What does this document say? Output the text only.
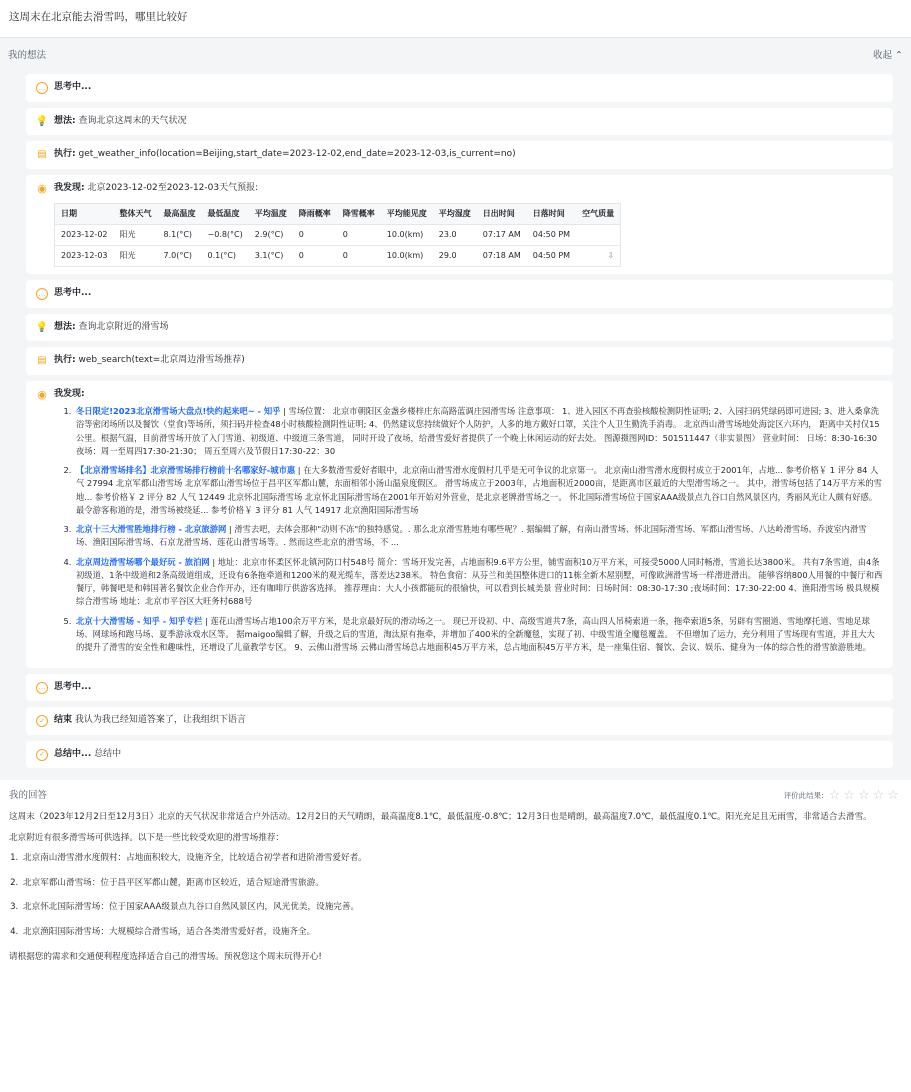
这周末在北京能去滑雪吗，哪里比较好
我的想法	收起 ⌃
… 思考中...
💡 想法: 查询北京这周末的天气状况
▤ 执行: get_weather_info(location=Beijing,start_date=2023-12-02,end_date=2023-12-03,is_current=no)
◉ 我发现: 北京2023-12-02至2023-12-03天气预报:
日期	整体天气	最高温度	最低温度	平均温度	降雨概率	降雪概率	平均能见度	平均湿度	日出时间	日落时间	空气质量
2023-12-02	阳光	8.1(°C)	−0.8(°C)	2.9(°C)	0	0	10.0(km)	23.0	07:17 AM	04:50 PM	
2023-12-03	阳光	7.0(°C)	0.1(°C)	3.1(°C)	0	0	10.0(km)	29.0	07:18 AM	04:50 PM	⇩
… 思考中...
💡 想法: 查询北京附近的滑雪场
▤ 执行: web_search(text=北京周边滑雪场推荐)
◉ 我发现:
1. 冬日限定!2023北京滑雪场大盘点!快约起来吧~ - 知乎 | 雪场位置： 北京市朝阳区金盏乡楼梓庄东高路蓝调庄园滑雪场 注意事项： 1、进入园区不再查验核酸检测阴性证明; 2、入园扫码凭绿码即可进园; 3、进入桑拿洗浴等密闭场所以及餐饮（堂食)等场所，须扫码并检查48小时核酸检测阴性证明; 4、仍然建议您持续做好个人防护，人多的地方戴好口罩，关注个人卫生勤洗手消毒。 北京西山滑雪场地处海淀区六环内， 距离中关村仅15公里。根据气温，目前滑雪场开放了入门雪道、初级道、中级道三条雪道， 同时开设了夜场，给滑雪爱好者提供了一个晚上休闲运动的好去处。 图源摄图网ID：501511447（非实景图） 营业时间： 日场：8:30-16:30 夜场：周一至周四17:30-21:30； 周五至周六及节假日17:30-22：30
2. 【北京滑雪场排名】北京滑雪场排行榜前十名哪家好-城市惠 | 在大多数滑雪爱好者眼中，北京南山滑雪滑水度假村几乎是无可争议的北京第一。 北京南山滑雪滑水度假村成立于2001年，占地... 参考价格￥ 1 评分 84 人气 27994 北京军都山滑雪场 北京军都山滑雪场位于昌平区军都山麓，东面相邻小汤山温泉度假区。 滑雪场成立于2003年，占地面积近2000亩，是距离市区最近的大型滑雪场之一。 其中，滑雪场包括了14万平方米的雪地... 参考价格￥ 2 评分 82 人气 12449 北京怀北国际滑雪场 北京怀北国际滑雪场在2001年开始对外营业，是北京老牌滑雪场之一。 怀北国际滑雪场位于国家AAA级景点九谷口自然风景区内，秀丽风光让人颇有好感。 最令游客称道的是，滑雪场被绕延... 参考价格￥ 3 评分 81 人气 14917 北京渔阳国际滑雪场
3. 北京十三大滑雪胜地排行榜 - 北京旅游网 | 滑雪去吧，去体会那种"动则不冻"的独特感觉。. 那么北京滑雪胜地有哪些呢？. 据编辑了解，有南山滑雪场、怀北国际滑雪场、军都山滑雪场、八达岭滑雪场、乔波室内滑雪场、渔阳国际滑雪场、石京龙滑雪场、莲花山滑雪场等。. 然而这些北京的滑雪场，不 ...
4. 北京周边滑雪场哪个最好玩 - 旅泊网 | 地址：北京市怀柔区怀北镇河防口村548号 简介：雪场开发完善，占地面积9.6平方公里，铺雪面积10万平方米，可接受5000人同时畅滑，雪道长达3800米。 共有7条雪道，由4条初级道、1条中级道和2条高级道组成，还设有6条拖牵道和1200米的观光缆车，落差达238米。 特色食宿：从芬兰和美国整体进口的11栋全新木屋别墅，可像欧洲滑雪场一样滑进滑出。 能够容纳800人用餐的中餐厅和西餐厅，韩餐吧是和韩国著名餐饮企业合作开办，还有咖啡厅供游客选择。 推荐理由：大人小孩都能玩的很愉快，可以看到长城美景 营业时间：日场时间：08:30-17:30 ;夜场时间：17:30-22:00 4、渔阳滑雪场 极具规模综合滑雪场 地址：北京市平谷区大旺务村688号
5. 北京十大滑雪场 - 知乎 - 知乎专栏 | 莲花山滑雪场占地100余万平方米，是北京最好玩的滑动场之一。 现已开设初、中、高级雪道共7条，高山四人吊椅索道一条，拖牵索道5条，另辟有雪圈道、雪地摩托道、雪地足球场、网球场和跑马场、夏季游泳戏水区等。 据maigoo编辑了解，升级之后的雪道，淘汰原有拖牵，并增加了400米的全新魔毯，实现了初、中级雪道全魔毯覆盖。 不但增加了运力，充分利用了雪场现有雪道，并且大大的提升了滑雪的安全性和趣味性，还增设了儿童教学专区。 9、云佛山滑雪场 云佛山滑雪场总占地面积45万平方米，总占地面积45万平方米，是一座集住宿、餐饮、会议、娱乐、健身为一体的综合性的滑雪旅游胜地。
… 思考中...
✓	结束 我认为我已经知道答案了，让我组织下语言
✓	总结中... 总结中
我的回答	评价此结果: ☆☆☆☆☆

这周末（2023年12月2日至12月3日）北京的天气状况非常适合户外活动。12月2日的天气晴朗，最高温度8.1℃，最低温度-0.8℃；12月3日也是晴朗，最高温度7.0℃，最低温度0.1℃。阳光充足且无雨雪，非常适合去滑雪。

北京附近有很多滑雪场可供选择。以下是一些比较受欢迎的滑雪场推荐：

1. 北京南山滑雪滑水度假村：占地面积较大，设施齐全，比较适合初学者和进阶滑雪爱好者。
2. 北京军都山滑雪场：位于昌平区军都山麓，距离市区较近，适合短途滑雪旅游。
3. 北京怀北国际滑雪场：位于国家AAA级景点九谷口自然风景区内，风光优美，设施完善。
4. 北京渔阳国际滑雪场：大规模综合滑雪场，适合各类滑雪爱好者，设施齐全。

请根据您的需求和交通便利程度选择适合自己的滑雪场。预祝您这个周末玩得开心!
